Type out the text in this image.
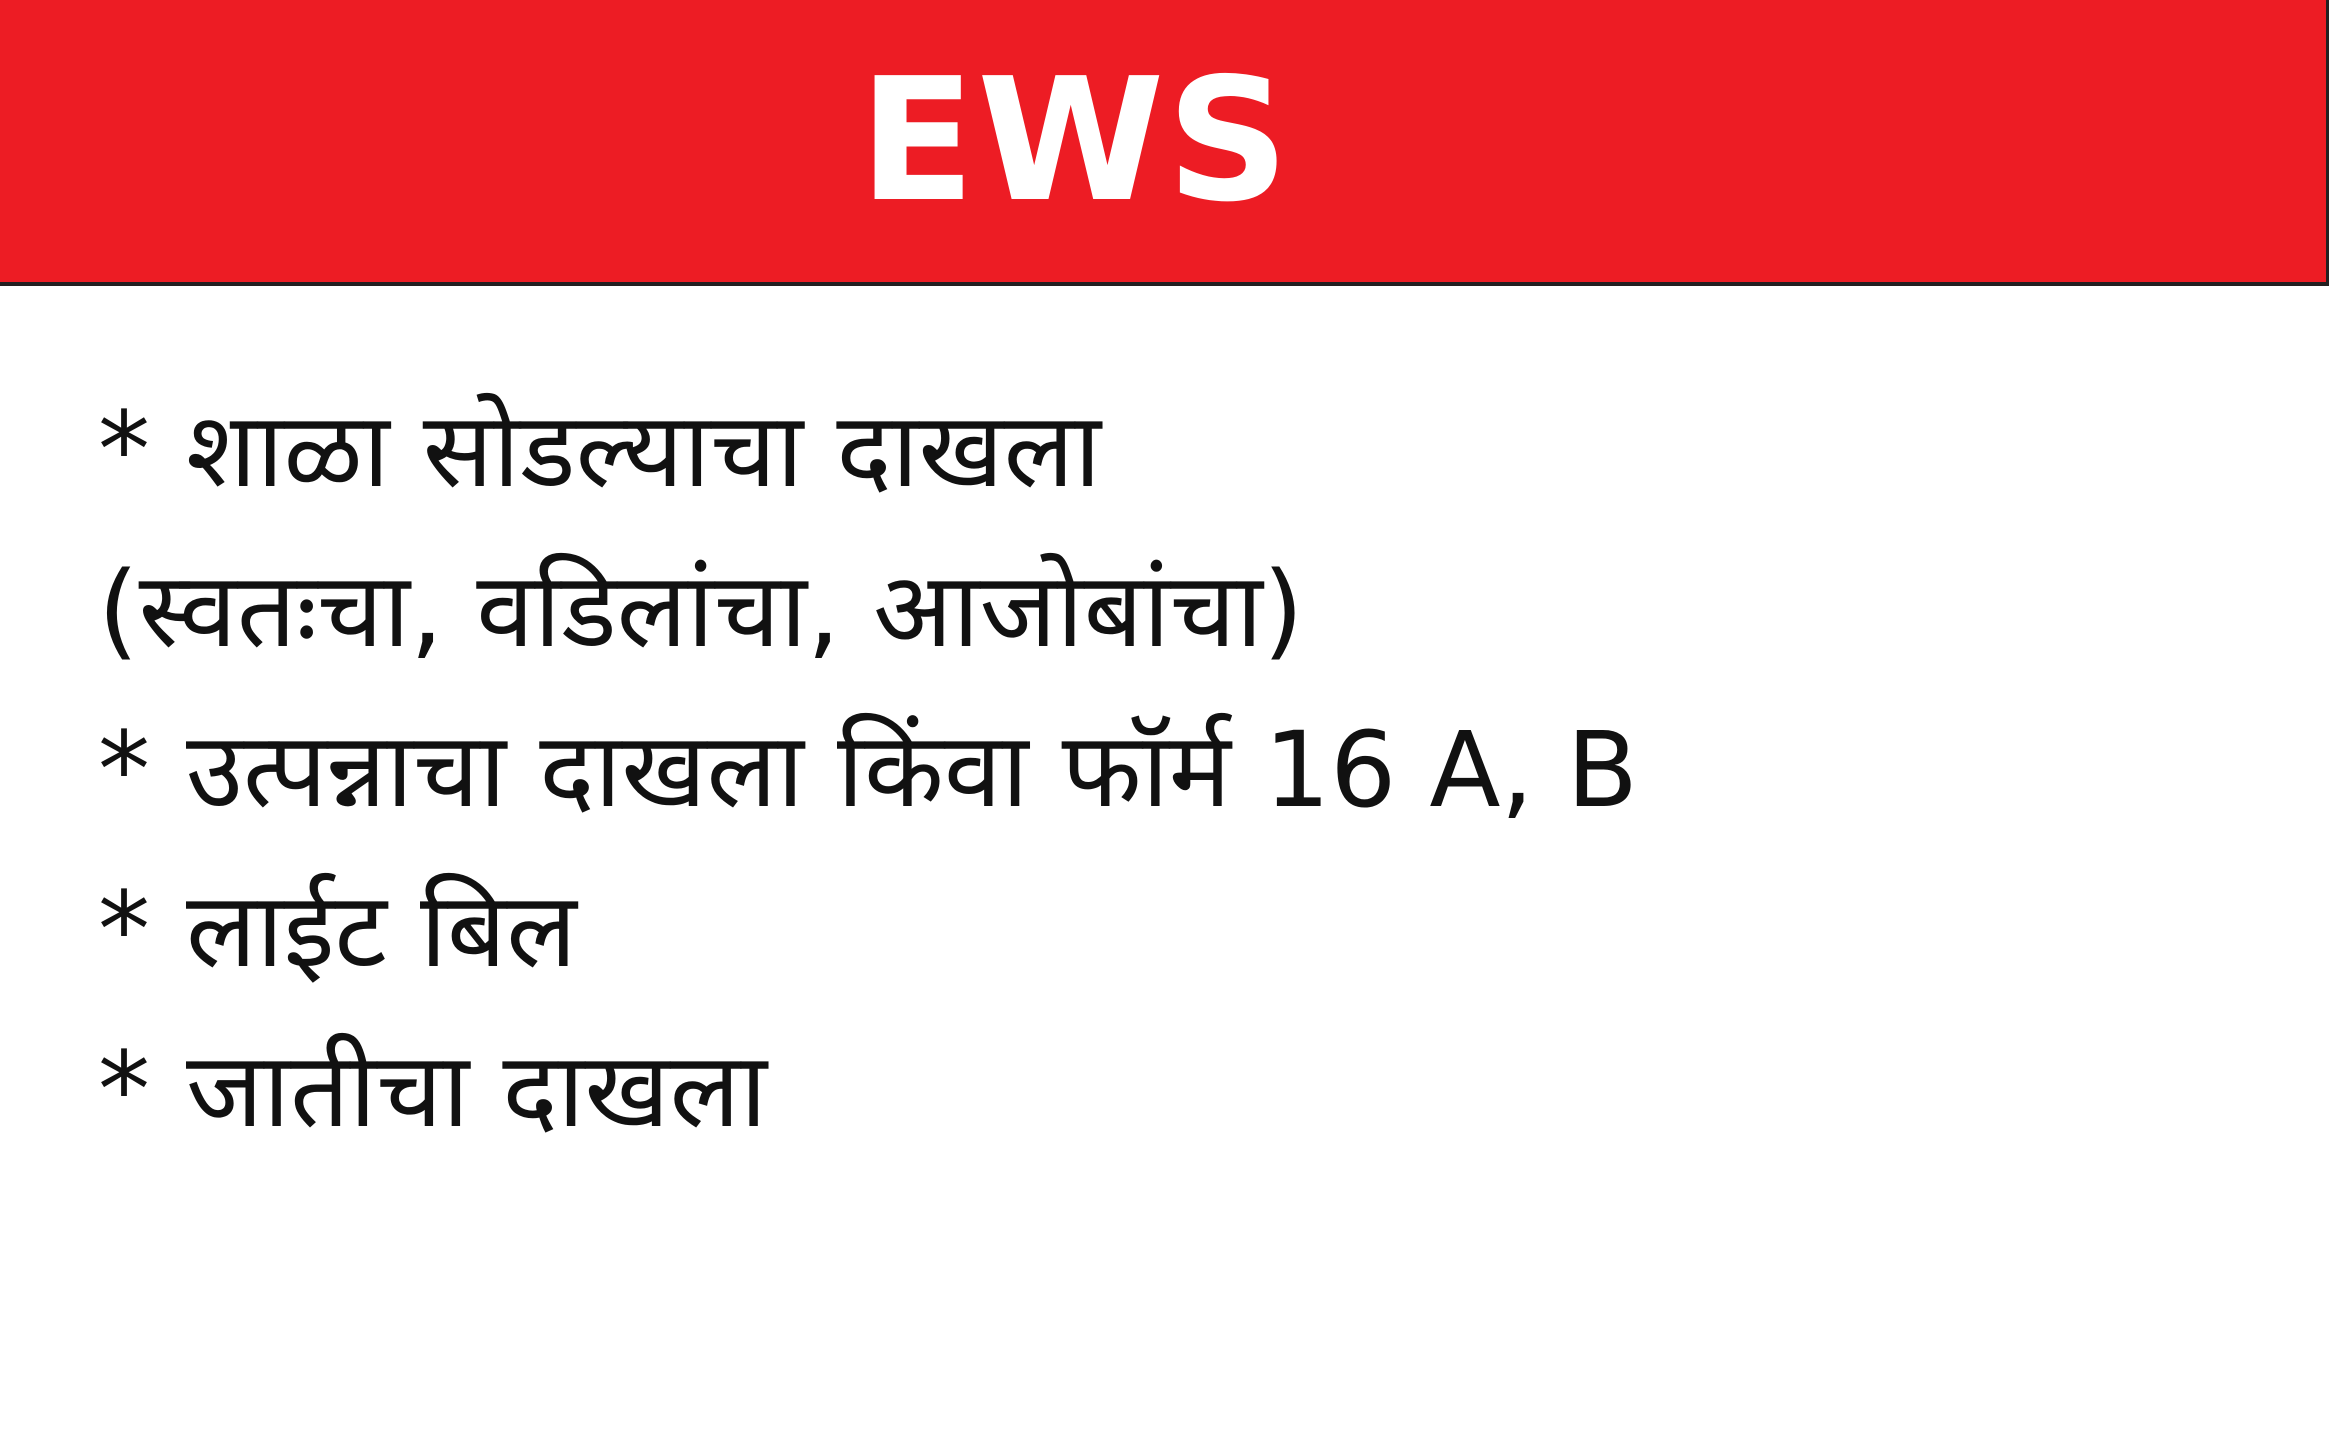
EWS
* शाळा सोडल्याचा दाखला
(स्वतःचा, वडिलांचा, आजोबांचा)
* उत्पन्नाचा दाखला किंवा फॉर्म 16 A, B
* लाईट बिल
* जातीचा दाखला
